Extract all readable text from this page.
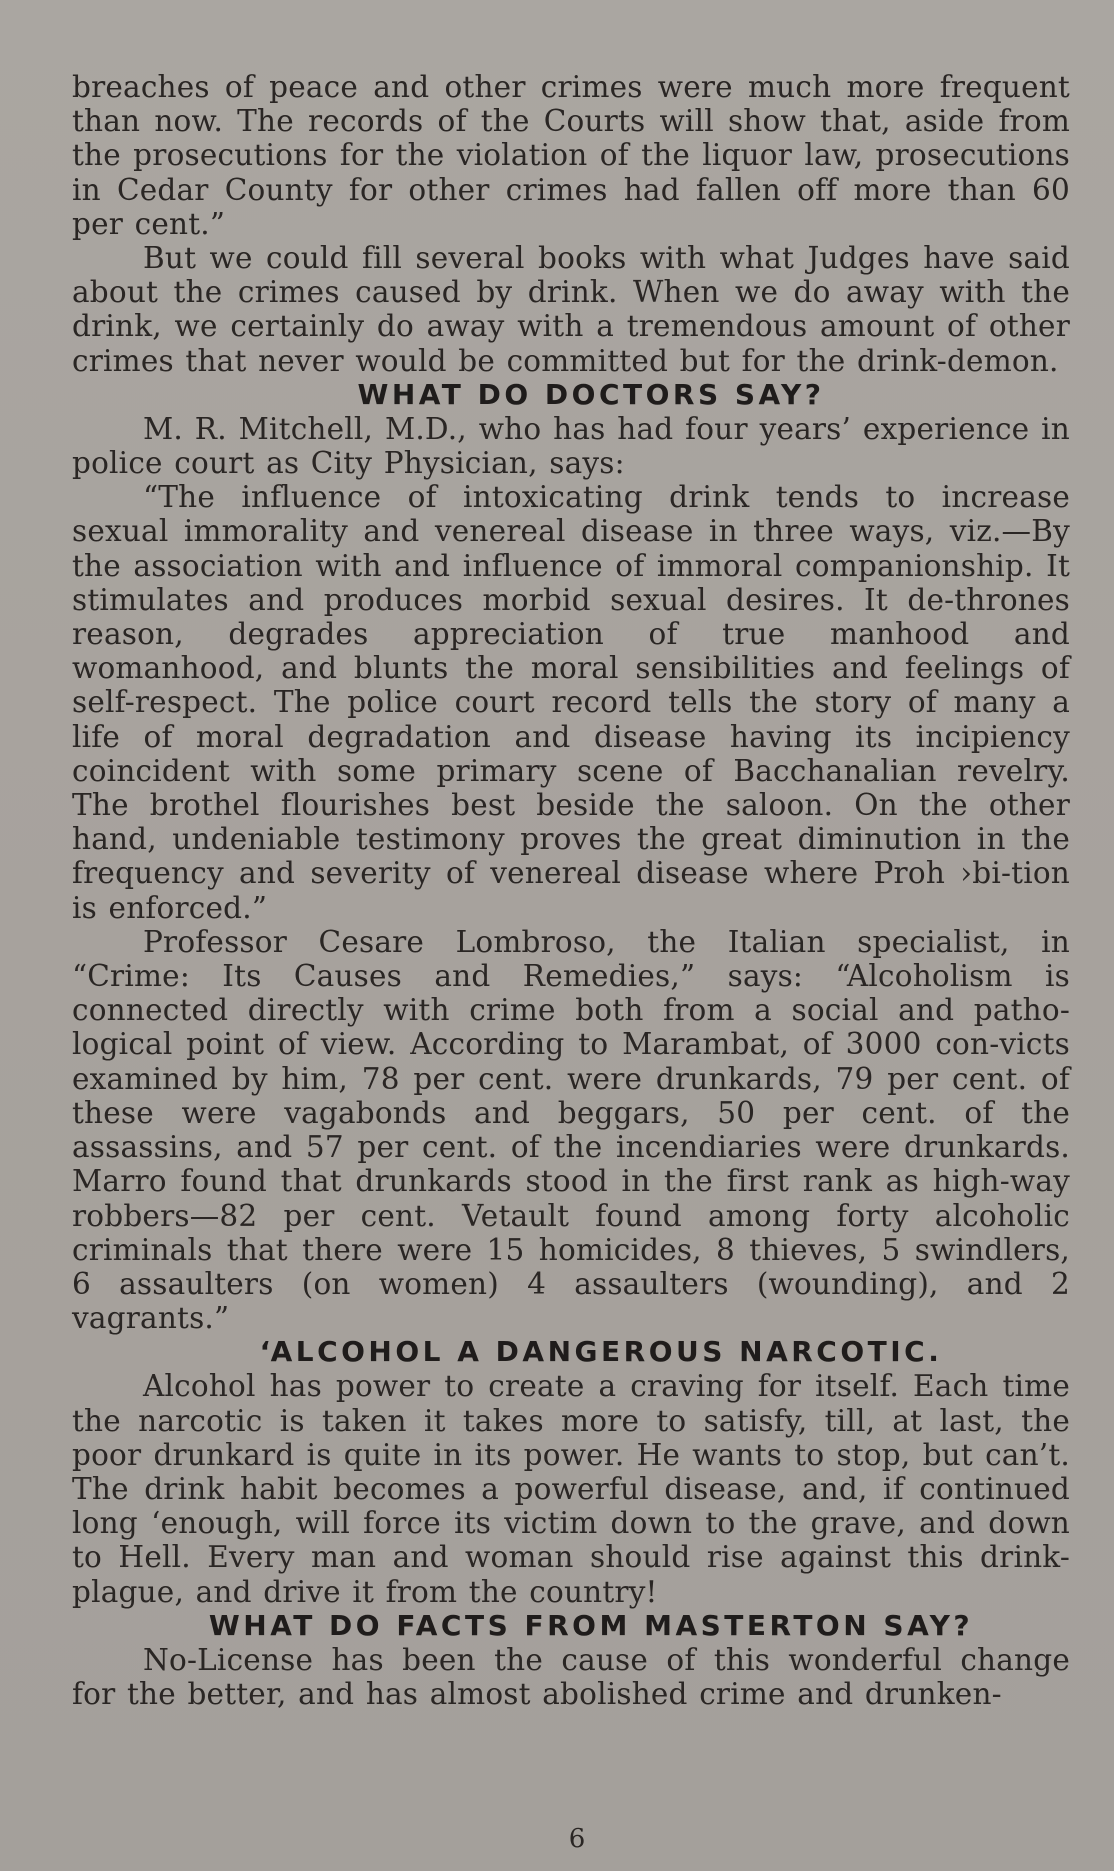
breaches of peace and other crimes were much more frequent than now. The records of the Courts will show that, aside from the prosecutions for the violation of the liquor law, prosecutions in Cedar County for other crimes had fallen off more than 60 per cent.”

But we could fill several books with what Judges have said about the crimes caused by drink. When we do away with the drink, we certainly do away with a tremendous amount of other crimes that never would be committed but for the drink-demon.

WHAT DO DOCTORS SAY?

M. R. Mitchell, M.D., who has had four years’ experience in police court as City Physician, says:

“The influence of intoxicating drink tends to increase sexual immorality and venereal disease in three ways, viz.—By the association with and influence of immoral companionship. It stimulates and produces morbid sexual desires. It de-thrones reason, degrades appreciation of true manhood and womanhood, and blunts the moral sensibilities and feelings of self-respect. The police court record tells the story of many a life of moral degradation and disease having its incipiency coincident with some primary scene of Bacchanalian revelry. The brothel flourishes best beside the saloon. On the other hand, undeniable testimony proves the great diminution in the frequency and severity of venereal disease where Proh ›bi-tion is enforced.”

Professor Cesare Lombroso, the Italian specialist, in “Crime: Its Causes and Remedies,” says: “Alcoholism is connected directly with crime both from a social and patho-logical point of view. According to Marambat, of 3000 con-victs examined by him, 78 per cent. were drunkards, 79 per cent. of these were vagabonds and beggars, 50 per cent. of the assassins, and 57 per cent. of the incendiaries were drunkards. Marro found that drunkards stood in the first rank as high-way robbers—82 per cent. Vetault found among forty alcoholic criminals that there were 15 homicides, 8 thieves, 5 swindlers, 6 assaulters (on women) 4 assaulters (wounding), and 2 vagrants.”

‘ALCOHOL A DANGEROUS NARCOTIC.

Alcohol has power to create a craving for itself. Each time the narcotic is taken it takes more to satisfy, till, at last, the poor drunkard is quite in its power. He wants to stop, but can’t. The drink habit becomes a powerful disease, and, if continued long ‘enough, will force its victim down to the grave, and down to Hell. Every man and woman should rise against this drink-plague, and drive it from the country!

WHAT DO FACTS FROM MASTERTON SAY?

No-License has been the cause of this wonderful change for the better, and has almost abolished crime and drunken-

6
